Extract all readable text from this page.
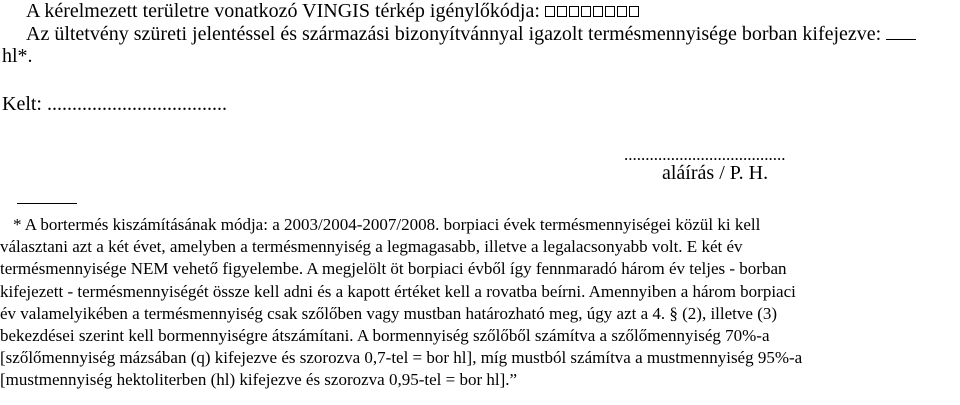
A kérelmezett területre vonatkozó VINGIS térkép igénylőkódja:
Az ültetvény szüreti jelentéssel és származási bizonyítvánnyal igazolt termésmennyisége borban kifejezve:
hl*.
Kelt: ....................................
......................................
aláírás / P. H.

* A bortermés kiszámításának módja: a 2003/2004-2007/2008. borpiaci évek termésmennyiségei közül ki kell

választani azt a két évet, amelyben a termésmennyiség a legmagasabb, illetve a legalacsonyabb volt. E két év

termésmennyisége NEM vehető figyelembe. A megjelölt öt borpiaci évből így fennmaradó három év teljes - borban

kifejezett - termésmennyiségét össze kell adni és a kapott értéket kell a rovatba beírni. Amennyiben a három borpiaci

év valamelyikében a termésmennyiség csak szőlőben vagy mustban határozható meg, úgy azt a 4. § (2), illetve (3)

bekezdései szerint kell bormennyiségre átszámítani. A bormennyiség szőlőből számítva a szőlőmennyiség 70%-a

[szőlőmennyiség mázsában (q) kifejezve és szorozva 0,7-tel = bor hl], míg mustból számítva a mustmennyiség 95%-a

[mustmennyiség hektoliterben (hl) kifejezve és szorozva 0,95-tel = bor hl].”
